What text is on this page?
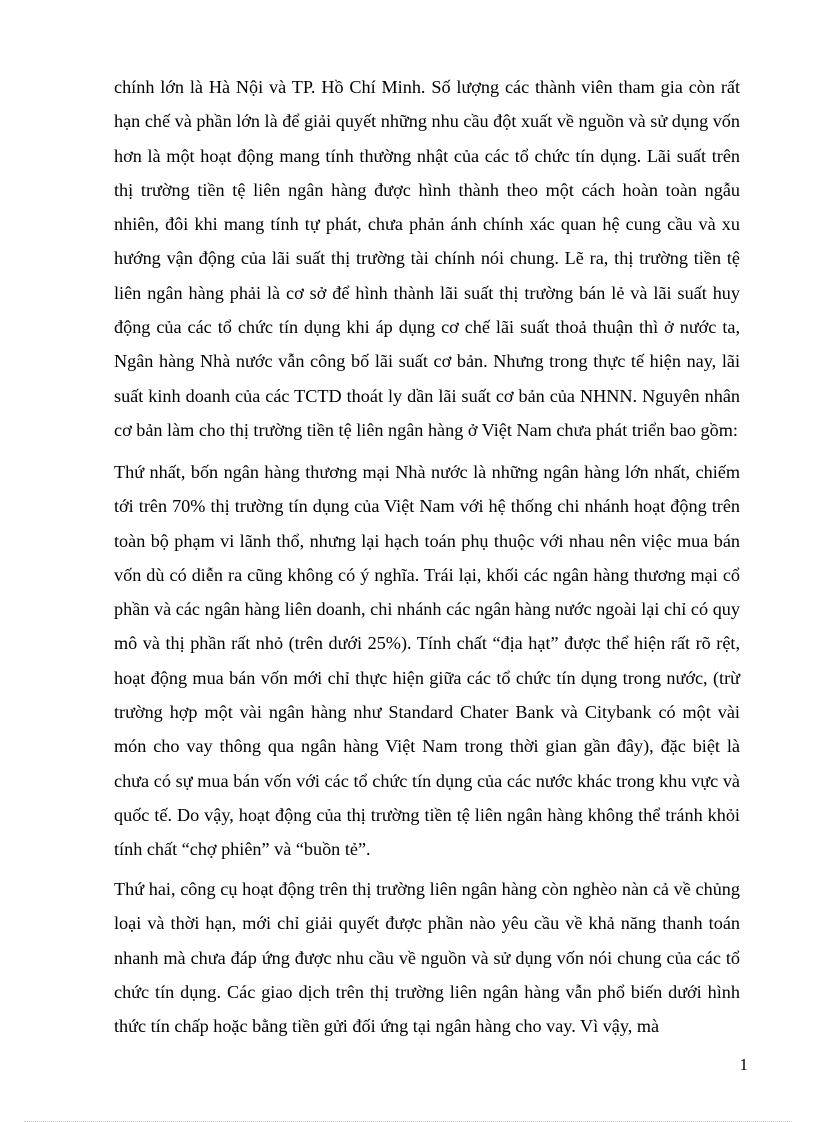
chính lớn là Hà Nội và TP. Hồ Chí Minh. Số lượng các thành viên tham gia còn rất hạn chế và phần lớn là để giải quyết những nhu cầu đột xuất về nguồn và sử dụng vốn hơn là một hoạt động mang tính thường nhật của các tổ chức tín dụng. Lãi suất trên thị trường tiền tệ liên ngân hàng được hình thành theo một cách hoàn toàn ngẫu nhiên, đôi khi mang tính tự phát, chưa phản ánh chính xác quan hệ cung cầu và xu hướng vận động của lãi suất thị trường tài chính nói chung. Lẽ ra, thị trường tiền tệ liên ngân hàng phải là cơ sở để hình thành lãi suất thị trường bán lẻ và lãi suất huy động của các tổ chức tín dụng khi áp dụng cơ chế lãi suất thoả thuận thì ở nước ta, Ngân hàng Nhà nước vẫn công bố lãi suất cơ bản. Nhưng trong thực tế hiện nay, lãi suất kinh doanh của các TCTD thoát ly dần lãi suất cơ bản của NHNN. Nguyên nhân cơ bản làm cho thị trường tiền tệ liên ngân hàng ở Việt Nam chưa phát triển bao gồm:

Thứ nhất, bốn ngân hàng thương mại Nhà nước là những ngân hàng lớn nhất, chiếm tới trên 70% thị trường tín dụng của Việt Nam với hệ thống chi nhánh hoạt động trên toàn bộ phạm vi lãnh thổ, nhưng lại hạch toán phụ thuộc với nhau nên việc mua bán vốn dù có diễn ra cũng không có ý nghĩa. Trái lại, khối các ngân hàng thương mại cổ phần và các ngân hàng liên doanh, chi nhánh các ngân hàng nước ngoài lại chỉ có quy mô và thị phần rất nhỏ (trên dưới 25%). Tính chất “địa hạt” được thể hiện rất rõ rệt, hoạt động mua bán vốn mới chỉ thực hiện giữa các tổ chức tín dụng trong nước, (trừ trường hợp một vài ngân hàng như Standard Chater Bank và Citybank có một vài món cho vay thông qua ngân hàng Việt Nam trong thời gian gần đây), đặc biệt là chưa có sự mua bán vốn với các tổ chức tín dụng của các nước khác trong khu vực và quốc tế. Do vậy, hoạt động của thị trường tiền tệ liên ngân hàng không thể tránh khỏi tính chất “chợ phiên” và “buồn tẻ”.

Thứ hai, công cụ hoạt động trên thị trường liên ngân hàng còn nghèo nàn cả về chủng loại và thời hạn, mới chỉ giải quyết được phần nào yêu cầu về khả năng thanh toán nhanh mà chưa đáp ứng được nhu cầu về nguồn và sử dụng vốn nói chung của các tổ chức tín dụng. Các giao dịch trên thị trường liên ngân hàng vẫn phổ biến dưới hình thức tín chấp hoặc bằng tiền gửi đối ứng tại ngân hàng cho vay. Vì vậy, mà

1
